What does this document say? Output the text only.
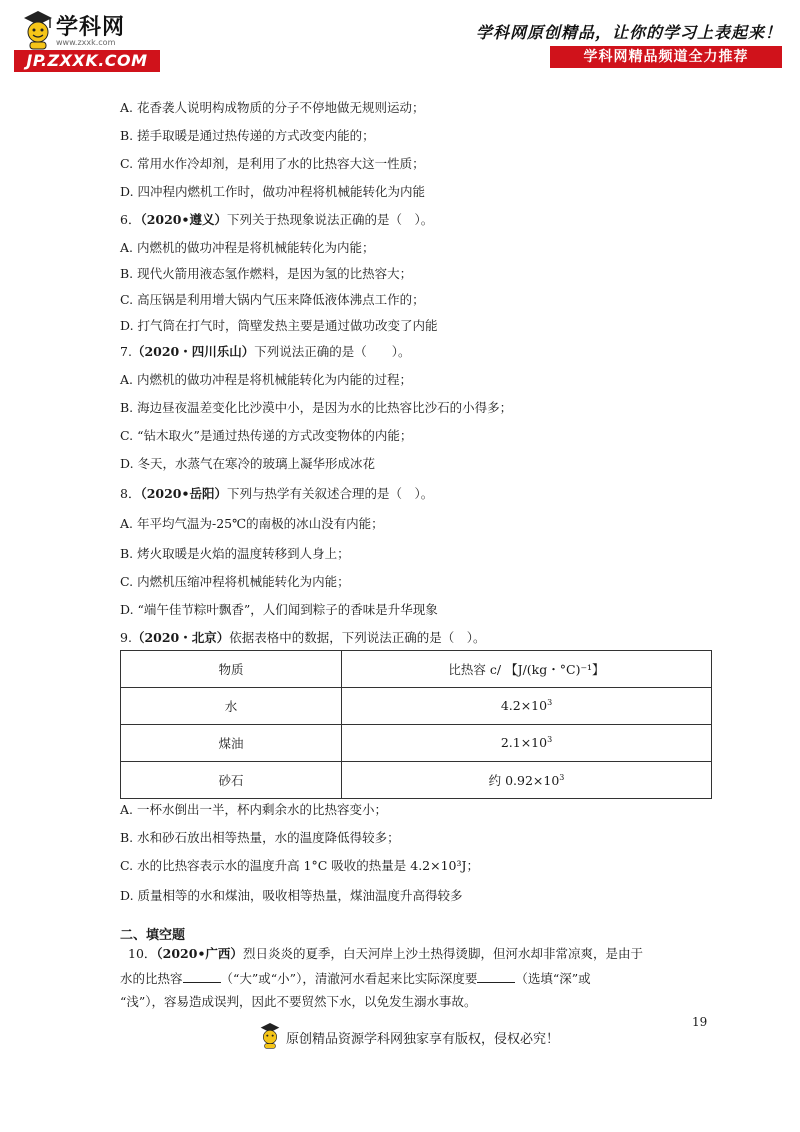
学科网
www.zxxk.com
JP.ZXXK.COM
学科网原创精品，让你的学习上表起来！
学科网精品频道全力推荐
A. 花香袭人说明构成物质的分子不停地做无规则运动；
B. 搓手取暖是通过热传递的方式改变内能的；
C. 常用水作冷却剂，是利用了水的比热容大这一性质；
D. 四冲程内燃机工作时，做功冲程将机械能转化为内能
6．（2020•遵义）下列关于热现象说法正确的是（　）。
A. 内燃机的做功冲程是将机械能转化为内能；
B. 现代火箭用液态氢作燃料，是因为氢的比热容大；
C. 高压锅是利用增大锅内气压来降低液体沸点工作的；
D. 打气筒在打气时，筒壁发热主要是通过做功改变了内能
7.（2020・四川乐山）下列说法正确的是（　　）。
A. 内燃机的做功冲程是将机械能转化为内能的过程；
B. 海边昼夜温差变化比沙漠中小，是因为水的比热容比沙石的小得多；
C. “钻木取火”是通过热传递的方式改变物体的内能；
D. 冬天，水蒸气在寒冷的玻璃上凝华形成冰花
8．（2020•岳阳）下列与热学有关叙述合理的是（　）。
A. 年平均气温为-25℃的南极的冰山没有内能；
B. 烤火取暖是火焰的温度转移到人身上；
C. 内燃机压缩冲程将机械能转化为内能；
D. “端午佳节粽叶飘香”，人们闻到粽子的香味是升华现象
9.（2020・北京）依据表格中的数据，下列说法正确的是（　）。
A. 一杯水倒出一半，杯内剩余水的比热容变小；
B. 水和砂石放出相等热量，水的温度降低得较多；
C. 水的比热容表示水的温度升高 1°C 吸收的热量是 4.2×10³J；
D. 质量相等的水和煤油，吸收相等热量，煤油温度升高得较多
物质	比热容 c/ 【J/(kg・°C)⁻¹】
水	$4.2\times 10^3$
煤油	$2.1\times 10^3$
砂石	约 $0.92\times 10^3$
二、填空题
10．（2020•广西）烈日炎炎的夏季，白天河岸上沙土热得烫脚，但河水却非常凉爽，是由于
水的比热容	（“大”或“小”），清澈河水看起来比实际深度要	（选填“深”或
“浅”），容易造成误判，因此不要贸然下水，以免发生溺水事故。
19
原创精品资源学科网独家享有版权，侵权必究！
